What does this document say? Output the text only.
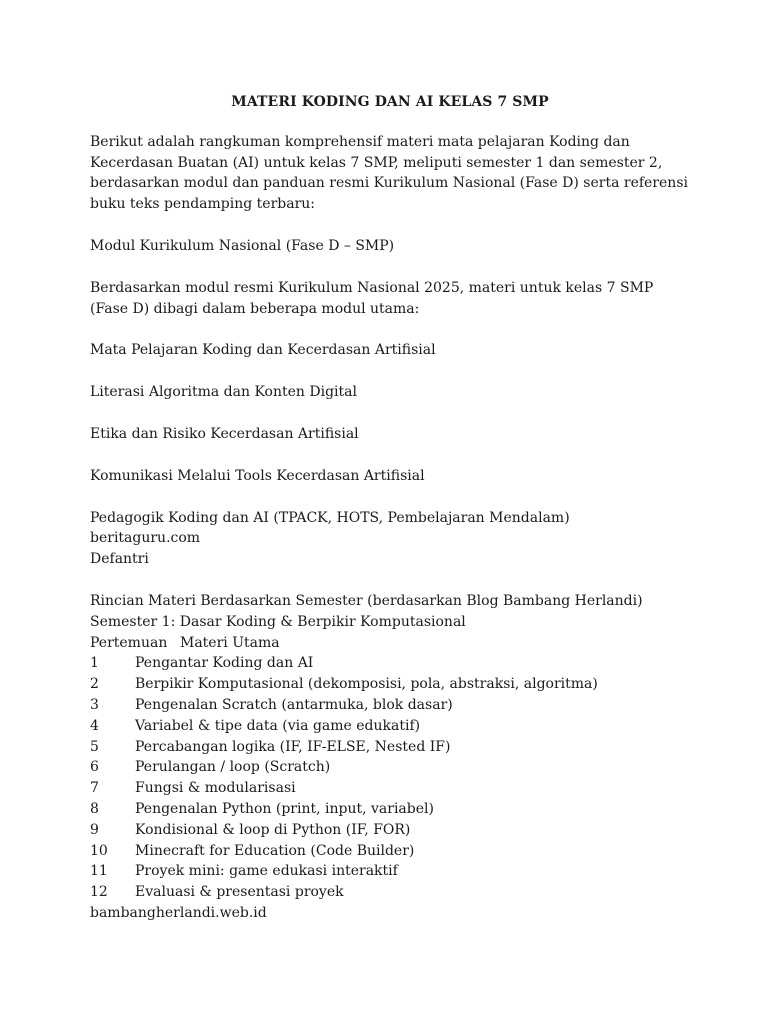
MATERI KODING DAN AI KELAS 7 SMP

Berikut adalah rangkuman komprehensif materi mata pelajaran Koding dan Kecerdasan Buatan (AI) untuk kelas 7 SMP, meliputi semester 1 dan semester 2, berdasarkan modul dan panduan resmi Kurikulum Nasional (Fase D) serta referensi buku teks pendamping terbaru:

Modul Kurikulum Nasional (Fase D – SMP)

Berdasarkan modul resmi Kurikulum Nasional 2025, materi untuk kelas 7 SMP (Fase D) dibagi dalam beberapa modul utama:

Mata Pelajaran Koding dan Kecerdasan Artifisial

Literasi Algoritma dan Konten Digital

Etika dan Risiko Kecerdasan Artifisial

Komunikasi Melalui Tools Kecerdasan Artifisial

Pedagogik Koding dan AI (TPACK, HOTS, Pembelajaran Mendalam)

beritaguru.com

Defantri

Rincian Materi Berdasarkan Semester (berdasarkan Blog Bambang Herlandi)

Semester 1: Dasar Koding & Berpikir Komputasional

Pertemuan Materi Utama
1	Pengantar Koding dan AI
2	Berpikir Komputasional (dekomposisi, pola, abstraksi, algoritma)
3	Pengenalan Scratch (antarmuka, blok dasar)
4	Variabel & tipe data (via game edukatif)
5	Percabangan logika (IF, IF-ELSE, Nested IF)
6	Perulangan / loop (Scratch)
7	Fungsi & modularisasi
8	Pengenalan Python (print, input, variabel)
9	Kondisional & loop di Python (IF, FOR)
10	Minecraft for Education (Code Builder)
11	Proyek mini: game edukasi interaktif
12	Evaluasi & presentasi proyek

bambangherlandi.web.id
